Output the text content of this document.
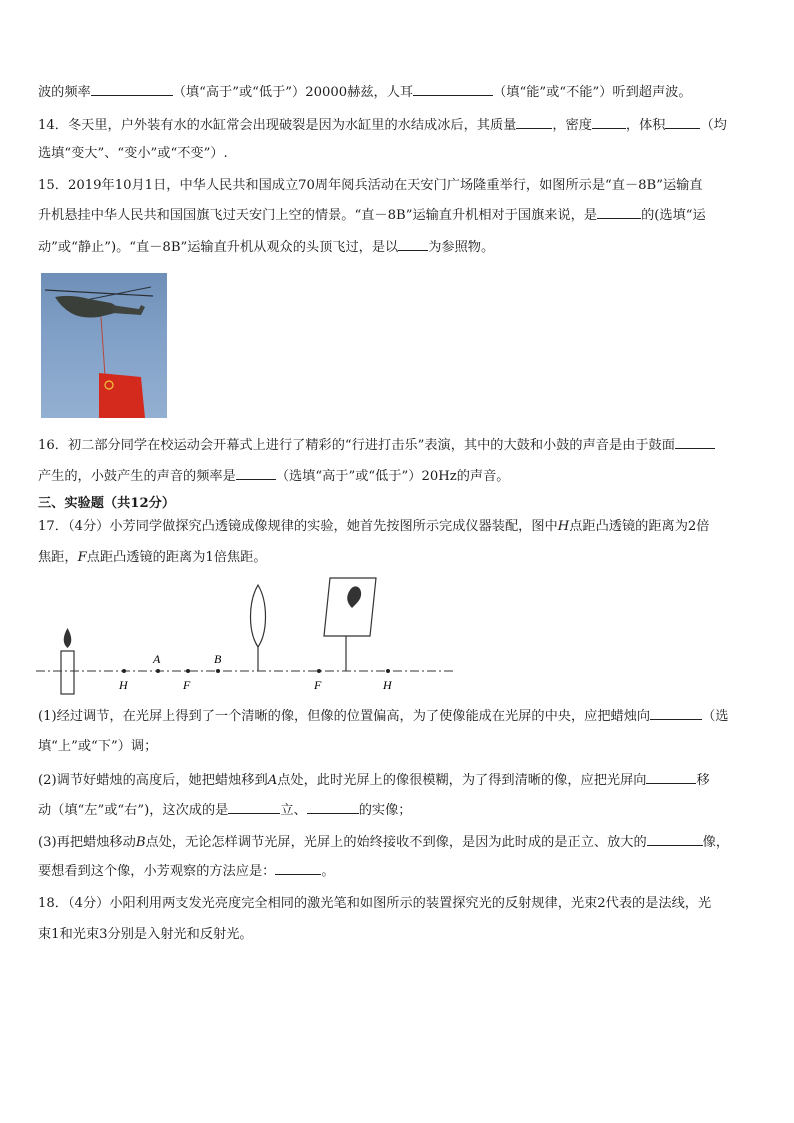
波的频率	（填“高于”或“低于”）20000赫兹，人耳	（填“能”或“不能”）听到超声波。
14．冬天里，户外装有水的水缸常会出现破裂是因为水缸里的水结成冰后，其质量	，密度	，体积	（均
选填“变大”、“变小”或“不变”）.
15．2019年10月1日，中华人民共和国成立70周年阅兵活动在天安门广场隆重举行，如图所示是“直－8B”运输直
升机悬挂中华人民共和国国旗飞过天安门上空的情景。“直－8B”运输直升机相对于国旗来说，是	的(选填“运
动”或“静止”)。“直－8B”运输直升机从观众的头顶飞过，是以 为参照物。
16．初二部分同学在校运动会开幕式上进行了精彩的“行进打击乐”表演，其中的大鼓和小鼓的声音是由于鼓面
产生的，小鼓产生的声音的频率是	（选填“高于”或“低于”）20Hz的声音。
三、实验题（共12分）
17．（4分）小芳同学做探究凸透镜成像规律的实验，她首先按图所示完成仪器装配，图中H点距凸透镜的距离为2倍
焦距，F点距凸透镜的距离为1倍焦距。
H
A
F
B
F	H
(1)经过调节，在光屏上得到了一个清晰的像，但像的位置偏高，为了使像能成在光屏的中央，应把蜡烛向	（选
填“上”或“下”）调；
(2)调节好蜡烛的高度后，她把蜡烛移到A点处，此时光屏上的像很模糊，为了得到清晰的像，应把光屏向	移
动（填“左”或“右”)，这次成的是	立、	的实像；
(3)再把蜡烛移动B点处，无论怎样调节光屏，光屏上的始终接收不到像，是因为此时成的是正立、放大的	像，
要想看到这个像，小芳观察的方法应是：	。
18．（4分）小阳利用两支发光亮度完全相同的激光笔和如图所示的装置探究光的反射规律，光束2代表的是法线，光
束1和光束3分别是入射光和反射光。
